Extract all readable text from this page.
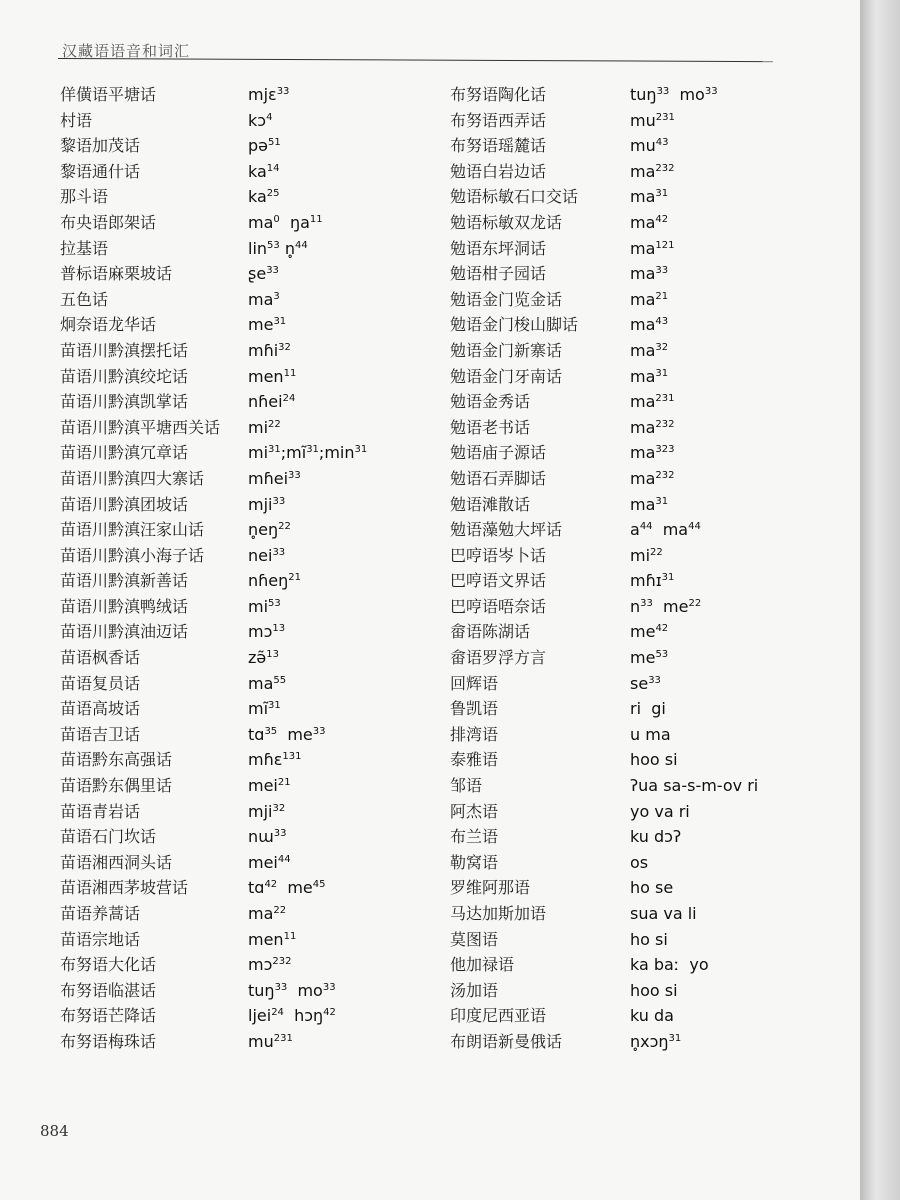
汉藏语语音和词汇
佯僙语平塘话	mjɛ$^{33}$
村语	kɔ$^4$
黎语加茂话	pə$^{51}$
黎语通什话	$ka^{14}$
那斗语	$ka^{25}$
布央语郎架话	$ma^0$  $ŋa^{11}$
拉基语	lin$^{53}$ n̥$^{44}$
普标语麻栗坡话	ʂe$^{33}$
五色话	$ma^3$
炯奈语龙华话	$me^{31}$
苗语川黔滇摆托话	mɦi$^{32}$
苗语川黔滇绞坨话	men$^{11}$
苗语川黔滇凯掌话	nɦei$^{24}$
苗语川黔滇平塘西关话 $mi^{22}$
苗语川黔滇冗章话	$mi^{31};mĩ^{31};\min^{31}$
苗语川黔滇四大寨话	mɦei$^{33}$
苗语川黔滇团坡话	mji$^{33}$
苗语川黔滇汪家山话	$n̥eŋ^{22}$
苗语川黔滇小海子话	nei$^{33}$
苗语川黔滇新善话	nɦeŋ$^{21}$
苗语川黔滇鸭绒话	$mi^{53}$
苗语川黔滇油迈话	mɔ$^{13}$
苗语枫香话	zə̃$^{13}$
苗语复员话	$ma^{55}$
苗语高坡话	$mĩ^{31}$
苗语吉卫话	tɑ$^{35}$  $me^{33}$
苗语黔东高强话	mɦɛ$^{131}$
苗语黔东偶里话	mei$^{21}$
苗语青岩话	mji$^{32}$
苗语石门坎话	nɯ$^{33}$
苗语湘西洞头话	mei$^{44}$
苗语湘西茅坡营话	tɑ$^{42}$  $me^{45}$
苗语养蒿话	$ma^{22}$
苗语宗地话	men$^{11}$
布努语大化话	mɔ$^{232}$
布努语临湛话	tuŋ$^{33}$  $mo^{33}$
布努语芒降话	ljei$^{24}$  hɔŋ$^{42}$
布努语梅珠话	$mu^{231}$
布努语陶化话	tuŋ$^{33}$  $mo^{33}$
布努语西弄话	$mu^{231}$
布努语瑶麓话	$mu^{43}$
勉语白岩边话	$ma^{232}$
勉语标敏石口交话	$ma^{31}$
勉语标敏双龙话	$ma^{42}$
勉语东坪洞话	$ma^{121}$
勉语柑子园话	$ma^{33}$
勉语金门览金话	$ma^{21}$
勉语金门梭山脚话	$ma^{43}$
勉语金门新寨话	$ma^{32}$
勉语金门牙南话	$ma^{31}$
勉语金秀话	$ma^{231}$
勉语老书话	$ma^{232}$
勉语庙子源话	$ma^{323}$
勉语石弄脚话	$ma^{232}$
勉语滩散话	$ma^{31}$
勉语藻勉大坪话	$a^{44}$  $ma^{44}$
巴哼语岑卜话	$mi^{22}$
巴哼语文界话	mɦɪ$^{31}$
巴哼语唔奈话	$n^{33}$  $me^{22}$
畲语陈湖话	$me^{42}$
畲语罗浮方言	$me^{53}$
回辉语	$se^{33}$
鲁凯语	ri  gi
排湾语	u ma
泰雅语	hoo si
邹语	ʔua sa-s-m-ov ri
阿杰语	yo va ri
布兰语	ku dɔʔ
勒窝语	os
罗维阿那语	ho se
马达加斯加语	sua va li
莫图语	ho si
他加禄语	ka baː  yo
汤加语	hoo si
印度尼西亚语	ku da
布朗语新曼俄话	n̥xɔŋ$^{31}$
884
